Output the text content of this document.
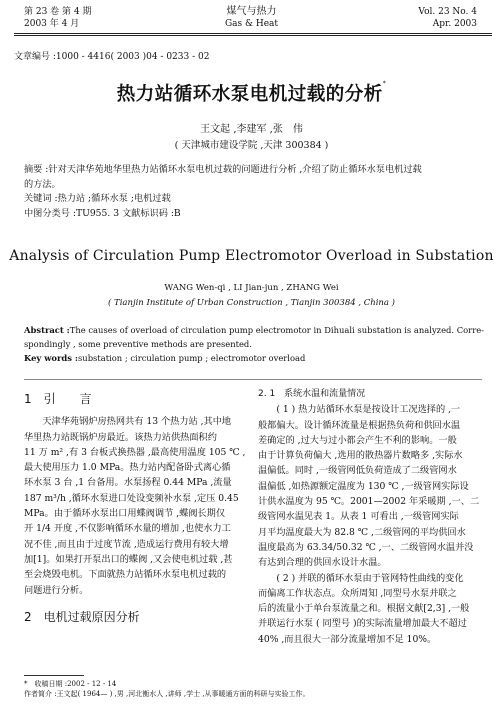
第 23 卷 第 4 期
2003 年 4 月
煤气与热力
Gas & Heat
Vol. 23 No. 4
Apr. 2003
文章编号 :1000 - 4416( 2003 )04 - 0233 - 02
热力站循环水泵电机过载的分析*
王文起 ,李建军 ,张　伟
( 天津城市建设学院 ,天津 300384 )
摘要 :针对天津华苑地华里热力站循环水泵电机过载的问题进行分析 ,介绍了防止循环水泵电机过载
的方法。
关键词 :热力站 ;循环水泵 ;电机过载
中图分类号 :TU955. 3 文献标识码 :B
Analysis of Circulation Pump Electromotor Overload in Substation
WANG Wen-qi , LI Jian-jun , ZHANG Wei
( Tianjin Institute of Urban Construction , Tianjin 300384 , China )
Abstract :The causes of overload of circulation pump electromotor in Dihuali substation is analyzed. Corre-
spondingly , some preventive methods are presented.
Key words :substation ; circulation pump ; electromotor overload
1　引　　言
　　天津华苑钢炉房热网共有 13 个热力站 ,其中地
华里热力站既锅炉房最近。该热力站供热面积约
11 万 m² ,有 3 台板式换热器 ,最高使用温度 105 ℃ ,
最大使用压力 1.0 MPa。热力站内配备卧式离心循
环水泵 3 台 ,1 台备用。水泵扬程 0.44 MPa ,流量
187 m³/h ,循环水泵进口处设变频补水泵 ,定压 0.45
MPa。由于循环水泵出口用蝶阀调节 ,蝶阀长期仅
开 1/4 开度 ,不仅影响循环水量的增加 ,也使水力工
况不佳 ,而且由于过度节流 ,造成运行费用有较大增
加[1]。如果打开泵出口的蝶阀 ,又会使电机过载 ,甚
至会烧毁电机。下面就热力站循环水泵电机过载的
问题进行分析。
2　电机过载原因分析
2. 1　系统水温和流量情况
　　( 1 ) 热力站循环水泵是按设计工况选择的 ,一
般都偏大。设计循环流量是根据热负荷和供回水温
差确定的 ,过大与过小都会产生不利的影响。一般
由于计算负荷偏大 ,选用的散热器片数略多 ,实际水
温偏低。同时 ,一级管网低负荷造成了二级管网水
温偏低 ,如热源额定温度为 130 ℃ ,一级管网实际设
计供水温度为 95 ℃。2001—2002 年采暖期 ,一、二
级管网水温见表 1。从表 1 可看出 ,一级管网实际
月平均温度最大为 82.8 ℃ ,二级管网的平均供回水
温度最高为 63.34/50.32 ℃ ,一、二级管网水温并没
有达到合理的供回水设计水温。
　　( 2 ) 并联的循环水泵由于管网特性曲线的变化
而偏离工作状态点。众所周知 ,同型号水泵并联之
后的流量小于单台泵流量之和。根据文献[2,3] ,一般
并联运行水泵 ( 同型号 )的实际流量增加最大不超过
40% ,而且很大一部分流量增加不足 10%。
*　收稿日期 :2002 - 12 - 14
作者简介 :王文起( 1964— ) ,男 ,河北衡水人 ,讲师 ,学士 ,从事暖通方面的科研与实验工作。
